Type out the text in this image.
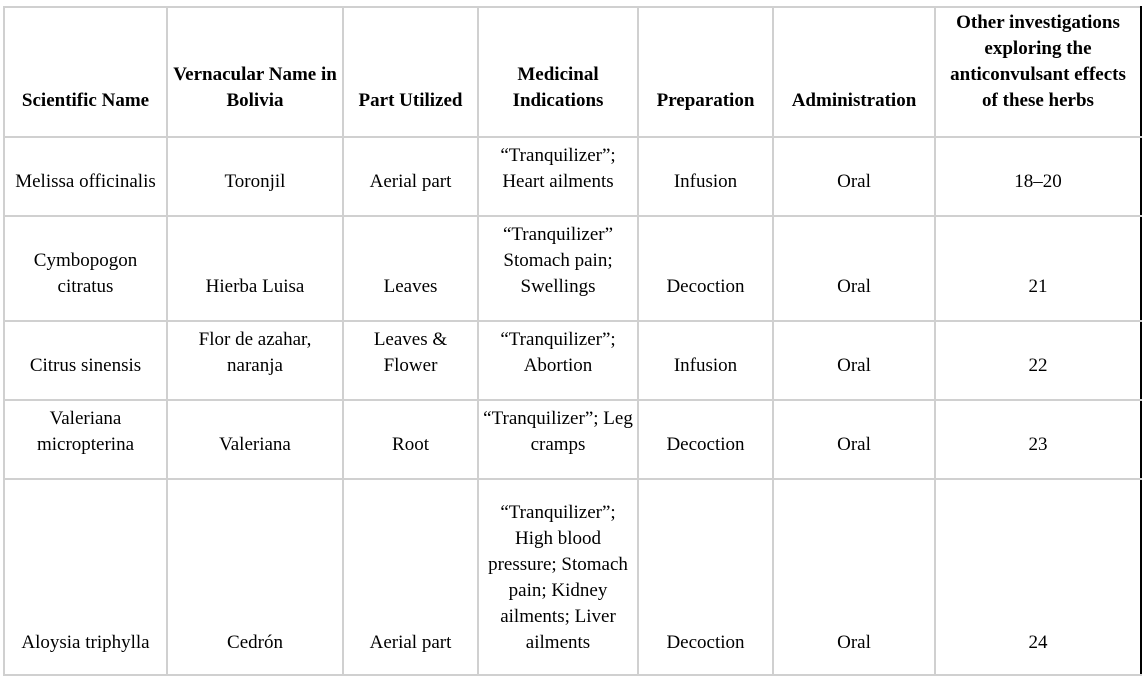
Scientific Name	Vernacular Name in Bolivia	Part Utilized	Medicinal Indications	Preparation	Administration	Other investigations exploring the anticonvulsant effects of these herbs
Melissa officinalis	Toronjil	Aerial part	“Tranquilizer”; Heart ailments	Infusion	Oral	18–20
Cymbopogon citratus	Hierba Luisa	Leaves	“Tranquilizer” Stomach pain; Swellings	Decoction	Oral	21
Citrus sinensis	Flor de azahar, naranja	Leaves & Flower	“Tranquilizer”; Abortion	Infusion	Oral	22
Valeriana micropterina	Valeriana	Root	“Tranquilizer”; Leg cramps	Decoction	Oral	23
Aloysia triphylla	Cedrón	Aerial part	“Tranquilizer”; High blood pressure; Stomach pain; Kidney ailments; Liver ailments	Decoction	Oral	24
